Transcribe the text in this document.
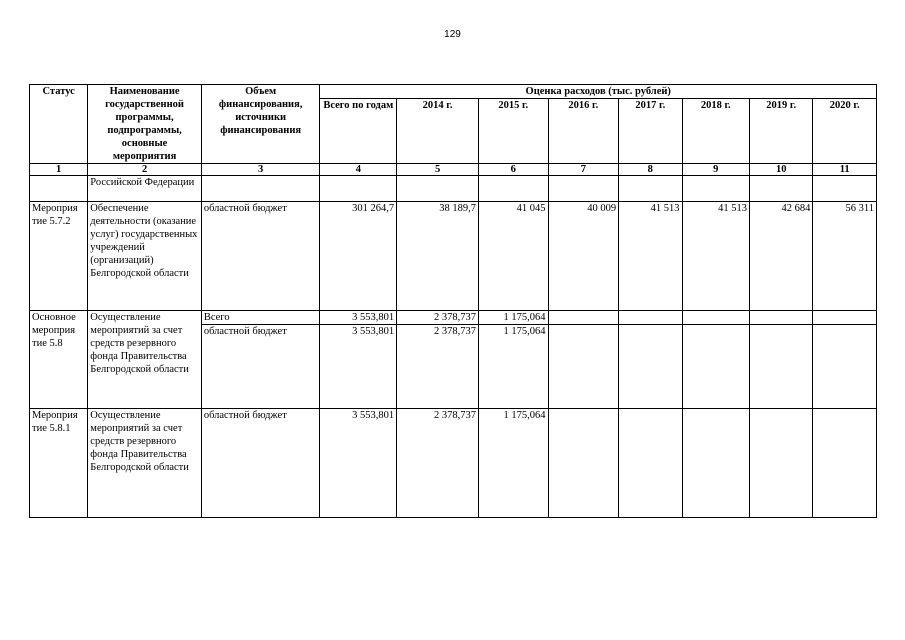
129
Статус	Наименование государственной программы, подпрограммы, основные мероприятия	Объем финансирования, источники финансирования	Оценка расходов (тыс. рублей)							
			Всего по годам	2014 г.	2015 г.	2016 г.	2017 г.	2018 г.	2019 г.	2020 г.
1	2	3	4	5	6	7	8	9	10	11
	Российской Федерации									
Мероприя тие 5.7.2	Обеспечение деятельности (оказание услуг) государственных учреждений (организаций) Белгородской области	областной бюджет	301 264,7	38 189,7	41 045	40 009	41 513	41 513	42 684	56 311
Основное мероприя тие 5.8	Осуществление мероприятий за счет средств резервного фонда Правительства Белгородской области	Всего	3 553,801	2 378,737	1 175,064					
		областной бюджет	3 553,801	2 378,737	1 175,064					
Мероприя тие 5.8.1	Осуществление мероприятий за счет средств резервного фонда Правительства Белгородской области	областной бюджет	3 553,801	2 378,737	1 175,064					
